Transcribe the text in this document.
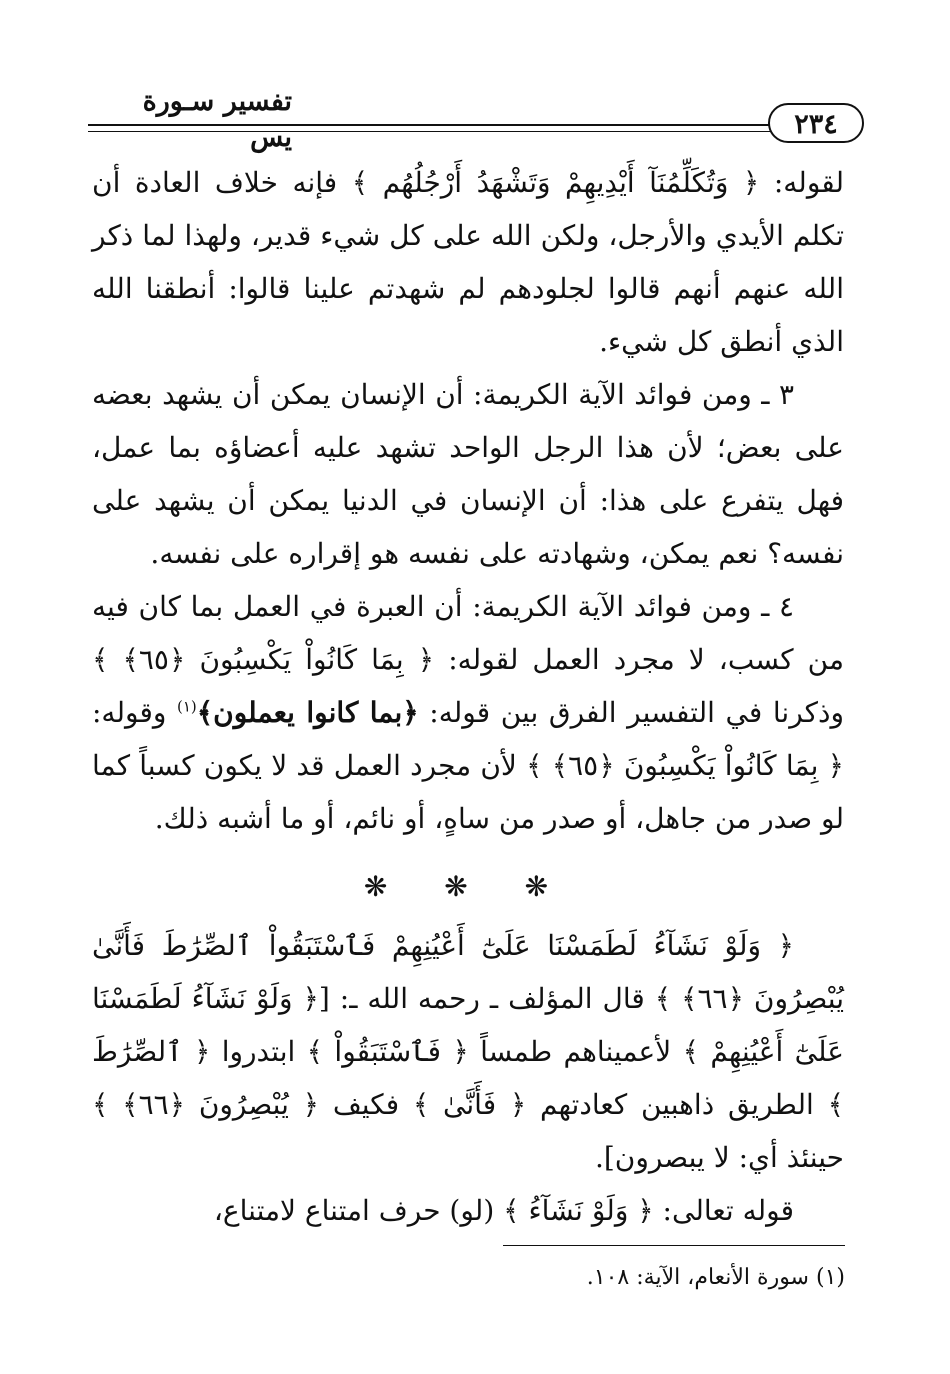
تفسير سـورة يس	٢٣٤

لقوله: ﴿ وَتُكَلِّمُنَآ أَيْدِيهِمْ وَتَشْهَدُ أَرْجُلُهُم ﴾ فإنه خلاف العادة أن تكلم الأيدي والأرجل، ولكن الله على كل شيء قدير، ولهذا لما ذكر الله عنهم أنهم قالوا لجلودهم لم شهدتم علينا قالوا: أنطقنا الله الذي أنطق كل شيء.

٣ ـ ومن فوائد الآية الكريمة: أن الإنسان يمكن أن يشهد بعضه على بعض؛ لأن هذا الرجل الواحد تشهد عليه أعضاؤه بما عمل، فهل يتفرع على هذا: أن الإنسان في الدنيا يمكن أن يشهد على نفسه؟ نعم يمكن، وشهادته على نفسه هو إقراره على نفسه.

٤ ـ ومن فوائد الآية الكريمة: أن العبرة في العمل بما كان فيه من كسب، لا مجرد العمل لقوله: ﴿ بِمَا كَانُواْ يَكْسِبُونَ ﴿٦٥﴾ ﴾ وذكرنا في التفسير الفرق بين قوله: ﴿بما كانوا يعملون﴾$^{(١)}$ وقوله: ﴿ بِمَا كَانُواْ يَكْسِبُونَ ﴿٦٥﴾ ﴾ لأن مجرد العمل قد لا يكون كسباً كما لو صدر من جاهل، أو صدر من ساهٍ، أو نائم، أو ما أشبه ذلك.

❋ ❋ ❋

﴿ وَلَوْ نَشَآءُ لَطَمَسْنَا عَلَىٰٓ أَعْيُنِهِمْ فَٱسْتَبَقُواْ ٱلصِّرَٰطَ فَأَنَّىٰ يُبْصِرُونَ ﴿٦٦﴾ ﴾ قال المؤلف ـ رحمه الله ـ: [﴿ وَلَوْ نَشَآءُ لَطَمَسْنَا عَلَىٰٓ أَعْيُنِهِمْ ﴾ لأعميناهم طمساً ﴿ فَٱسْتَبَقُواْ ﴾ ابتدروا ﴿ ٱلصِّرَٰطَ ﴾ الطريق ذاهبين كعادتهم ﴿ فَأَنَّىٰ ﴾ فكيف ﴿ يُبْصِرُونَ ﴿٦٦﴾ ﴾ حينئذ أي: لا يبصرون].

قوله تعالى: ﴿ وَلَوْ نَشَآءُ ﴾ (لو) حرف امتناع لامتناع،

(١) سورة الأنعام، الآية: ١٠٨.
